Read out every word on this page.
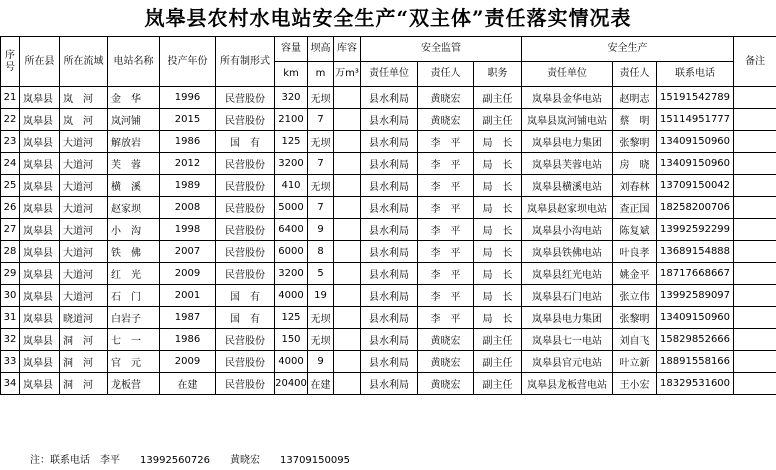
岚皋县农村水电站安全生产“双主体”责任落实情况表
序号	所在县	所在流域	电站名称	投产年份	所有制形式	容量	坝高	库容	安全监管			安全生产			备注
						km	m	万m³	责任单位	责任人	职务	责任单位	责任人	联系电话	
21	岚皋县	岚　河	金　华	1996	民营股份	320	无坝		县水利局	黄晓宏	副主任	岚皋县金华电站	赵明志	15191542789	
22	岚皋县	岚　河	岚河铺	2015	民营股份	2100	7		县水利局	黄晓宏	副主任	岚皋县岚河铺电站	蔡　明	15114951777	
23	岚皋县	大道河	解放岩	1986	国　有	125	无坝		县水利局	李　平	局　长	岚皋县电力集团	张黎明	13409150960	
24	岚皋县	大道河	芙　蓉	2012	民营股份	3200	7		县水利局	李　平	局　长	岚皋县芙蓉电站	房　晓	13409150960	
25	岚皋县	大道河	横　溪	1989	民营股份	410	无坝		县水利局	李　平	局　长	岚皋县横溪电站	刘春林	13709150042	
26	岚皋县	大道河	赵家坝	2008	民营股份	5000	7		县水利局	李　平	局　长	岚皋县赵家坝电站	查正国	18258200706	
27	岚皋县	大道河	小　沟	1998	民营股份	6400	9		县水利局	李　平	局　长	岚皋县小沟电站	陈复斌	13992592299	
28	岚皋县	大道河	铁　佛	2007	民营股份	6000	8		县水利局	李　平	局　长	岚皋县铁佛电站	叶良孝	13689154888	
29	岚皋县	大道河	红　光	2009	民营股份	3200	5		县水利局	李　平	局　长	岚皋县红光电站	姚金平	18717668667	
30	岚皋县	大道河	石　门	2001	国　有	4000	19		县水利局	李　平	局　长	岚皋县石门电站	张立伟	13992589097	
31	岚皋县	晓道河	白岩子	1987	国　有	125	无坝		县水利局	李　平	局　长	岚皋县电力集团	张黎明	13409150960	
32	岚皋县	洞　河	七　一	1986	民营股份	150	无坝		县水利局	黄晓宏	副主任	岚皋县七一电站	刘自飞	15829852666	
33	岚皋县	洞　河	官　元	2009	民营股份	4000	9		县水利局	黄晓宏	副主任	岚皋县官元电站	叶立新	18891558166	
34	岚皋县	洞　河	龙板营	在建	民营股份	20400	在建		县水利局	黄晓宏	副主任	岚皋县龙板营电站	王小宏	18329531600	
注：联系电话　李平　　13992560726　　黄晓宏　　13709150095
